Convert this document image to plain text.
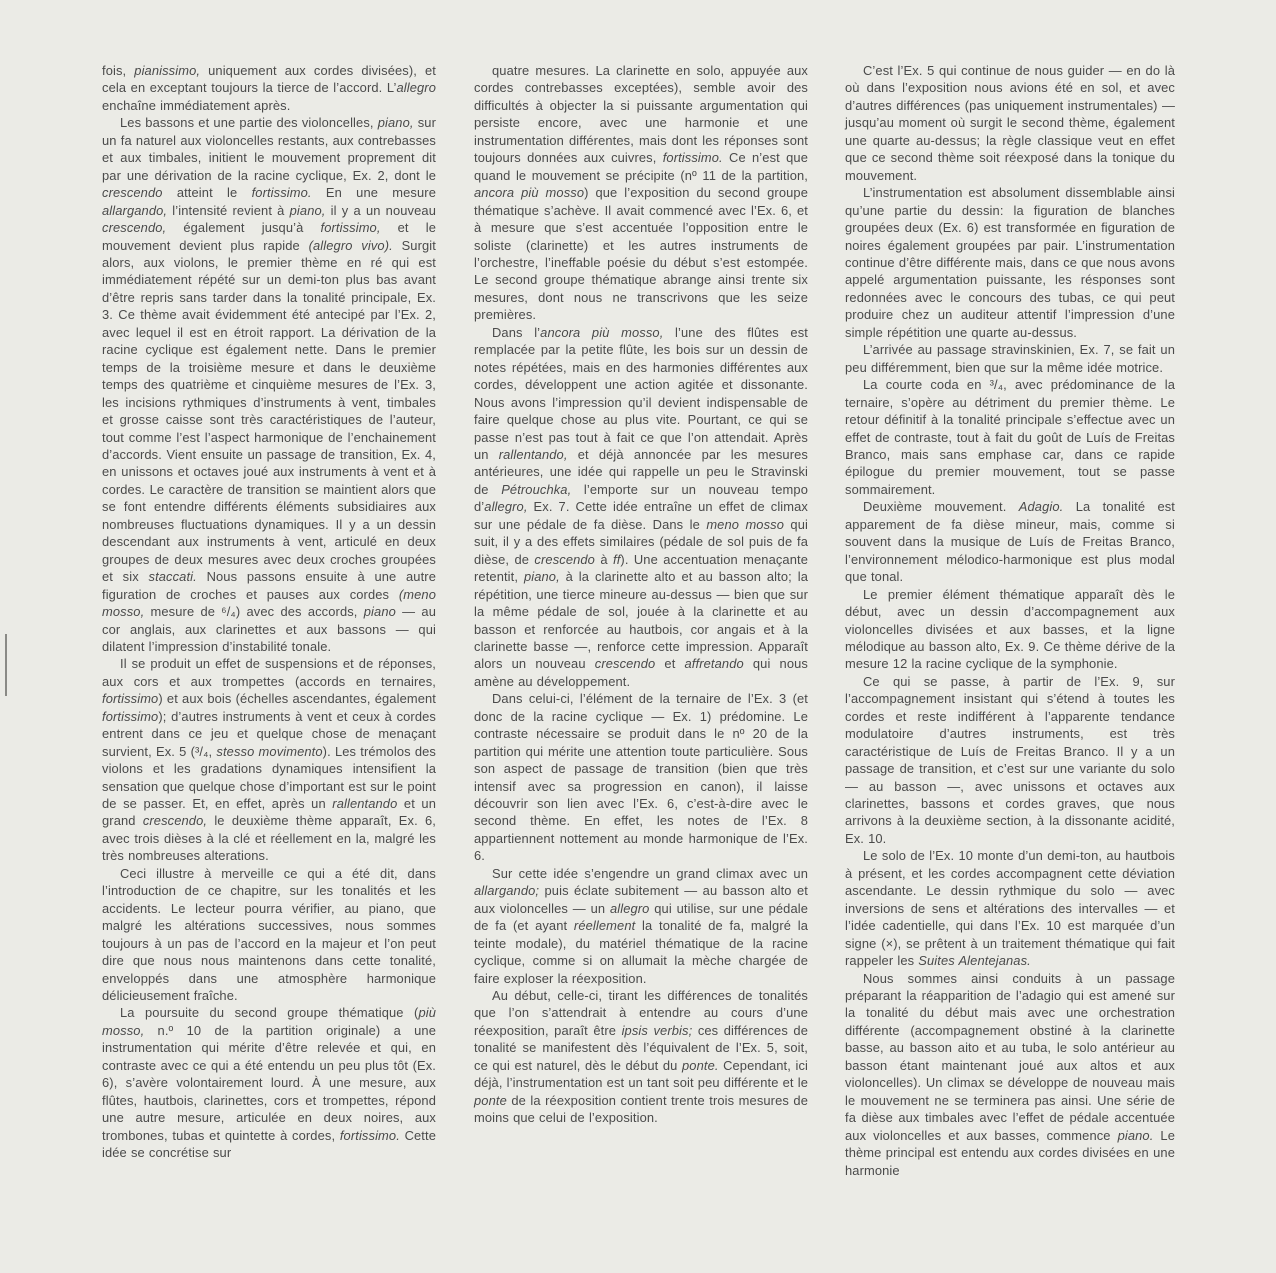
fois, pianissimo, uniquement aux cordes divisées), et cela en exceptant toujours la tierce de l’accord. L’allegro enchaîne immédiatement après.

Les bassons et une partie des violoncelles, piano, sur un fa naturel aux violoncelles restants, aux contrebasses et aux timbales, initient le mouvement proprement dit par une dérivation de la racine cyclique, Ex. 2, dont le crescendo atteint le fortissimo. En une mesure allargando, l’intensité revient à piano, il y a un nouveau crescendo, également jusqu’à fortissimo, et le mouvement devient plus rapide (allegro vivo). Surgit alors, aux violons, le premier thème en ré qui est immédiatement répété sur un demi-ton plus bas avant d’être repris sans tarder dans la tonalité principale, Ex. 3. Ce thème avait évidemment été antecipé par l’Ex. 2, avec lequel il est en étroit rapport. La dérivation de la racine cyclique est également nette. Dans le premier temps de la troisième mesure et dans le deuxième temps des quatrième et cinquième mesures de l’Ex. 3, les incisions rythmiques d’instruments à vent, timbales et grosse caisse sont très caractéristiques de l’auteur, tout comme l’est l’aspect harmonique de l’enchainement d’accords. Vient ensuite un passage de transition, Ex. 4, en unissons et octaves joué aux instruments à vent et à cordes. Le caractère de transition se maintient alors que se font entendre différents éléments subsidiaires aux nombreuses fluctuations dynamiques. Il y a un dessin descendant aux instruments à vent, articulé en deux groupes de deux mesures avec deux croches groupées et six staccati. Nous passons ensuite à une autre figuration de croches et pauses aux cordes (meno mosso, mesure de ⁶/₄) avec des accords, piano — au cor anglais, aux clarinettes et aux bassons — qui dilatent l’impression d’instabilité tonale.

Il se produit un effet de suspensions et de réponses, aux cors et aux trompettes (accords en ternaires, fortissimo) et aux bois (échelles ascendantes, également fortissimo); d’autres instruments à vent et ceux à cordes entrent dans ce jeu et quelque chose de menaçant survient, Ex. 5 (³/₄, stesso movimento). Les trémolos des violons et les gradations dynamiques intensifient la sensation que quelque chose d’important est sur le point de se passer. Et, en effet, après un rallentando et un grand crescendo, le deuxième thème apparaît, Ex. 6, avec trois dièses à la clé et réellement en la, malgré les très nombreuses alterations.

Ceci illustre à merveille ce qui a été dit, dans l’introduction de ce chapitre, sur les tonalités et les accidents. Le lecteur pourra vérifier, au piano, que malgré les altérations successives, nous sommes toujours à un pas de l’accord en la majeur et l’on peut dire que nous nous maintenons dans cette tonalité, enveloppés dans une atmosphère harmonique délicieusement fraîche.

La poursuite du second groupe thématique (più mosso, n.º 10 de la partition originale) a une instrumentation qui mérite d’être relevée et qui, en contraste avec ce qui a été entendu un peu plus tôt (Ex. 6), s’avère volontairement lourd. À une mesure, aux flûtes, hautbois, clarinettes, cors et trompettes, répond une autre mesure, articulée en deux noires, aux trombones, tubas et quintette à cordes, fortissimo. Cette idée se concrétise sur

quatre mesures. La clarinette en solo, appuyée aux cordes contrebasses exceptées), semble avoir des difficultés à objecter la si puissante argumentation qui persiste encore, avec une harmonie et une instrumentation différentes, mais dont les réponses sont toujours données aux cuivres, fortissimo. Ce n’est que quand le mouvement se précipite (nº 11 de la partition, ancora più mosso) que l’exposition du second groupe thématique s’achève. Il avait commencé avec l’Ex. 6, et à mesure que s’est accentuée l’opposition entre le soliste (clarinette) et les autres instruments de l’orchestre, l’ineffable poésie du début s’est estompée. Le second groupe thématique abrange ainsi trente six mesures, dont nous ne transcrivons que les seize premières.

Dans l’ancora più mosso, l’une des flûtes est remplacée par la petite flûte, les bois sur un dessin de notes répétées, mais en des harmonies différentes aux cordes, développent une action agitée et dissonante. Nous avons l’impression qu’il devient indispensable de faire quelque chose au plus vite. Pourtant, ce qui se passe n’est pas tout à fait ce que l’on attendait. Après un rallentando, et déjà annoncée par les mesures antérieures, une idée qui rappelle un peu le Stravinski de Pétrouchka, l’emporte sur un nouveau tempo d’allegro, Ex. 7. Cette idée entraîne un effet de climax sur une pédale de fa dièse. Dans le meno mosso qui suit, il y a des effets similaires (pédale de sol puis de fa dièse, de crescendo à ff). Une accentuation menaçante retentit, piano, à la clarinette alto et au basson alto; la répétition, une tierce mineure au-dessus — bien que sur la même pédale de sol, jouée à la clarinette et au basson et renforcée au hautbois, cor angais et à la clarinette basse —, renforce cette impression. Apparaît alors un nouveau crescendo et affretando qui nous amène au développement.

Dans celui-ci, l’élément de la ternaire de l’Ex. 3 (et donc de la racine cyclique — Ex. 1) prédomine. Le contraste nécessaire se produit dans le nº 20 de la partition qui mérite une attention toute particulière. Sous son aspect de passage de transition (bien que très intensif avec sa progression en canon), il laisse découvrir son lien avec l’Ex. 6, c’est-à-dire avec le second thème. En effet, les notes de l’Ex. 8 appartiennent nottement au monde harmonique de l’Ex. 6.

Sur cette idée s’engendre un grand climax avec un allargando; puis éclate subitement — au basson alto et aux violoncelles — un allegro qui utilise, sur une pédale de fa (et ayant réellement la tonalité de fa, malgré la teinte modale), du matériel thématique de la racine cyclique, comme si on allumait la mèche chargée de faire exploser la réexposition.

Au début, celle-ci, tirant les différences de tonalités que l’on s’attendrait à entendre au cours d’une réexposition, paraît être ipsis verbis; ces différences de tonalité se manifestent dès l’équivalent de l’Ex. 5, soit, ce qui est naturel, dès le début du ponte. Cependant, ici déjà, l’instrumentation est un tant soit peu différente et le ponte de la réexposition contient trente trois mesures de moins que celui de l’exposition.

C’est l’Ex. 5 qui continue de nous guider — en do là où dans l’exposition nous avions été en sol, et avec d’autres différences (pas uniquement instrumentales) — jusqu’au moment où surgit le second thème, également une quarte au-dessus; la règle classique veut en effet que ce second thème soit réexposé dans la tonique du mouvement.

L’instrumentation est absolument dissemblable ainsi qu’une partie du dessin: la figuration de blanches groupées deux (Ex. 6) est transformée en figuration de noires également groupées par pair. L’instrumentation continue d’être différente mais, dans ce que nous avons appelé argumentation puissante, les résponses sont redonnées avec le concours des tubas, ce qui peut produire chez un auditeur attentif l’impression d’une simple répétition une quarte au-dessus.

L’arrivée au passage stravinskinien, Ex. 7, se fait un peu différemment, bien que sur la même idée motrice.

La courte coda en ³/₄, avec prédominance de la ternaire, s’opère au détriment du premier thème. Le retour définitif à la tonalité principale s’effectue avec un effet de contraste, tout à fait du goût de Luís de Freitas Branco, mais sans emphase car, dans ce rapide épilogue du premier mouvement, tout se passe sommairement.

Deuxième mouvement. Adagio. La tonalité est apparement de fa dièse mineur, mais, comme si souvent dans la musique de Luís de Freitas Branco, l’environnement mélodico-harmonique est plus modal que tonal.

Le premier élément thématique apparaît dès le début, avec un dessin d’accompagnement aux violoncelles divisées et aux basses, et la ligne mélodique au basson alto, Ex. 9. Ce thème dérive de la mesure 12 la racine cyclique de la symphonie.

Ce qui se passe, à partir de l’Ex. 9, sur l’accompagnement insistant qui s’étend à toutes les cordes et reste indifférent à l’apparente tendance modulatoire d’autres instruments, est très caractéristique de Luís de Freitas Branco. Il y a un passage de transition, et c’est sur une variante du solo — au basson —, avec unissons et octaves aux clarinettes, bassons et cordes graves, que nous arrivons à la deuxième section, à la dissonante acidité, Ex. 10.

Le solo de l’Ex. 10 monte d’un demi-ton, au hautbois à présent, et les cordes accompagnent cette déviation ascendante. Le dessin rythmique du solo — avec inversions de sens et altérations des intervalles — et l’idée cadentielle, qui dans l’Ex. 10 est marquée d’un signe (×), se prêtent à un traitement thématique qui fait rappeler les Suites Alentejanas.

Nous sommes ainsi conduits à un passage préparant la réapparition de l’adagio qui est amené sur la tonalité du début mais avec une orchestration différente (accompagnement obstiné à la clarinette basse, au basson aito et au tuba, le solo antérieur au basson étant maintenant joué aux altos et aux violoncelles). Un climax se développe de nouveau mais le mouvement ne se terminera pas ainsi. Une série de fa dièse aux timbales avec l’effet de pédale accentuée aux violoncelles et aux basses, commence piano. Le thème principal est entendu aux cordes divisées en une harmonie
